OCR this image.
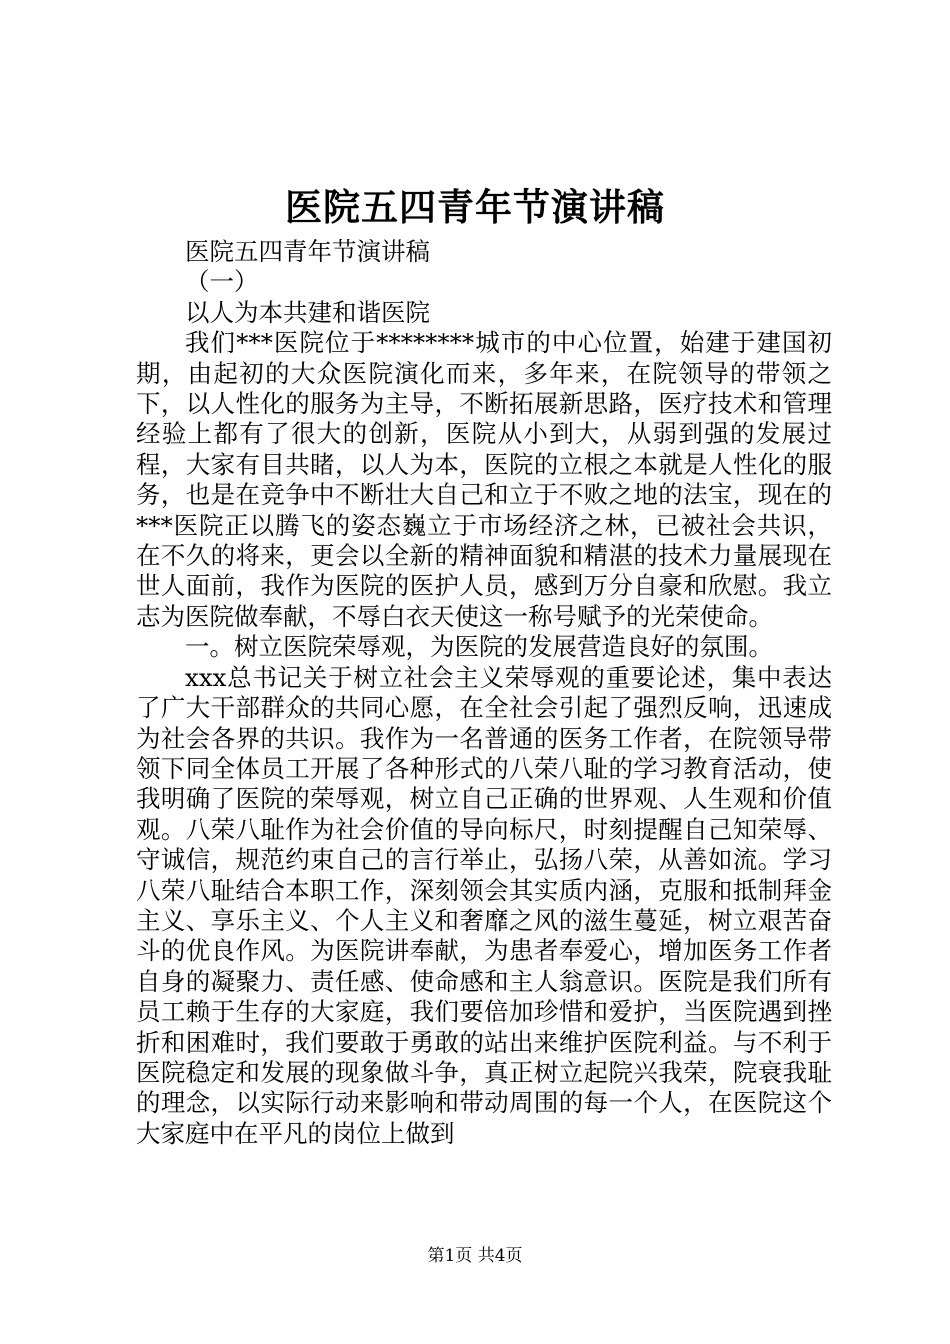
医院五四青年节演讲稿

医院五四青年节演讲稿

（一）

以人为本共建和谐医院

我们***医院位于********城市的中心位置，始建于建国初期，由起初的大众医院演化而来，多年来，在院领导的带领之下，以人性化的服务为主导，不断拓展新思路，医疗技术和管理经验上都有了很大的创新，医院从小到大，从弱到强的发展过程，大家有目共睹，以人为本，医院的立根之本就是人性化的服务，也是在竞争中不断壮大自己和立于不败之地的法宝，现在的***医院正以腾飞的姿态巍立于市场经济之林，已被社会共识，在不久的将来，更会以全新的精神面貌和精湛的技术力量展现在世人面前，我作为医院的医护人员，感到万分自豪和欣慰。我立志为医院做奉献，不辱白衣天使这一称号赋予的光荣使命。

一。树立医院荣辱观，为医院的发展营造良好的氛围。

xxx总书记关于树立社会主义荣辱观的重要论述，集中表达了广大干部群众的共同心愿，在全社会引起了强烈反响，迅速成为社会各界的共识。我作为一名普通的医务工作者，在院领导带领下同全体员工开展了各种形式的八荣八耻的学习教育活动，使我明确了医院的荣辱观，树立自己正确的世界观、人生观和价值观。八荣八耻作为社会价值的导向标尺，时刻提醒自己知荣辱、守诚信，规范约束自己的言行举止，弘扬八荣，从善如流。学习八荣八耻结合本职工作，深刻领会其实质内涵，克服和抵制拜金主义、享乐主义、个人主义和奢靡之风的滋生蔓延，树立艰苦奋斗的优良作风。为医院讲奉献，为患者奉爱心，增加医务工作者自身的凝聚力、责任感、使命感和主人翁意识。医院是我们所有员工赖于生存的大家庭，我们要倍加珍惜和爱护，当医院遇到挫折和困难时，我们要敢于勇敢的站出来维护医院利益。与不利于医院稳定和发展的现象做斗争，真正树立起院兴我荣，院衰我耻的理念，以实际行动来影响和带动周围的每一个人，在医院这个大家庭中在平凡的岗位上做到

第1页 共4页
